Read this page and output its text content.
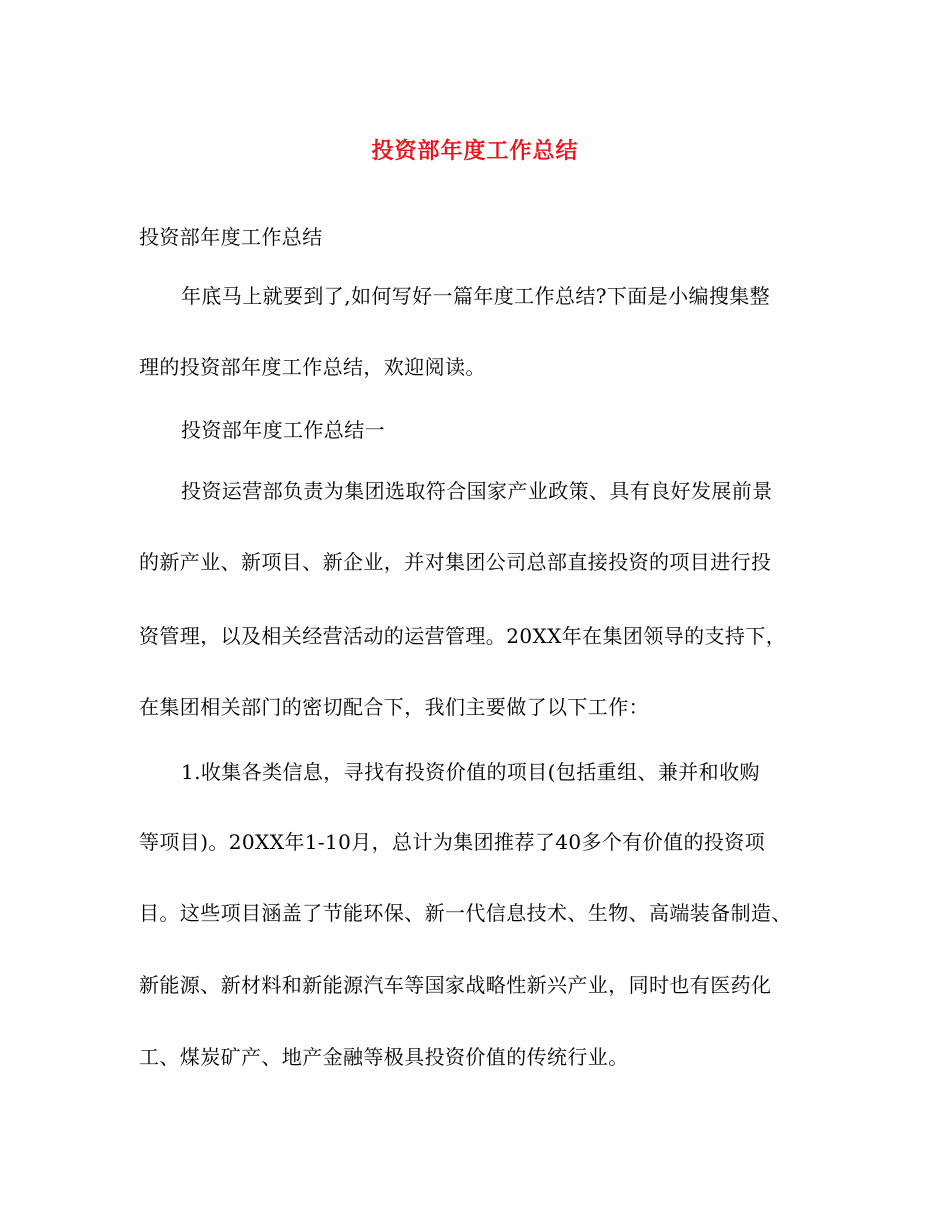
投资部年度工作总结
投资部年度工作总结
年底马上就要到了,如何写好一篇年度工作总结?下面是小编搜集整
理的投资部年度工作总结，欢迎阅读。
投资部年度工作总结一
投资运营部负责为集团选取符合国家产业政策、具有良好发展前景
的新产业、新项目、新企业，并对集团公司总部直接投资的项目进行投
资管理，以及相关经营活动的运营管理。20XX年在集团领导的支持下，
在集团相关部门的密切配合下，我们主要做了以下工作：
1.收集各类信息，寻找有投资价值的项目(包括重组、兼并和收购
等项目)。20XX年1-10月，总计为集团推荐了40多个有价值的投资项
目。这些项目涵盖了节能环保、新一代信息技术、生物、高端装备制造、
新能源、新材料和新能源汽车等国家战略性新兴产业，同时也有医药化
工、煤炭矿产、地产金融等极具投资价值的传统行业。
